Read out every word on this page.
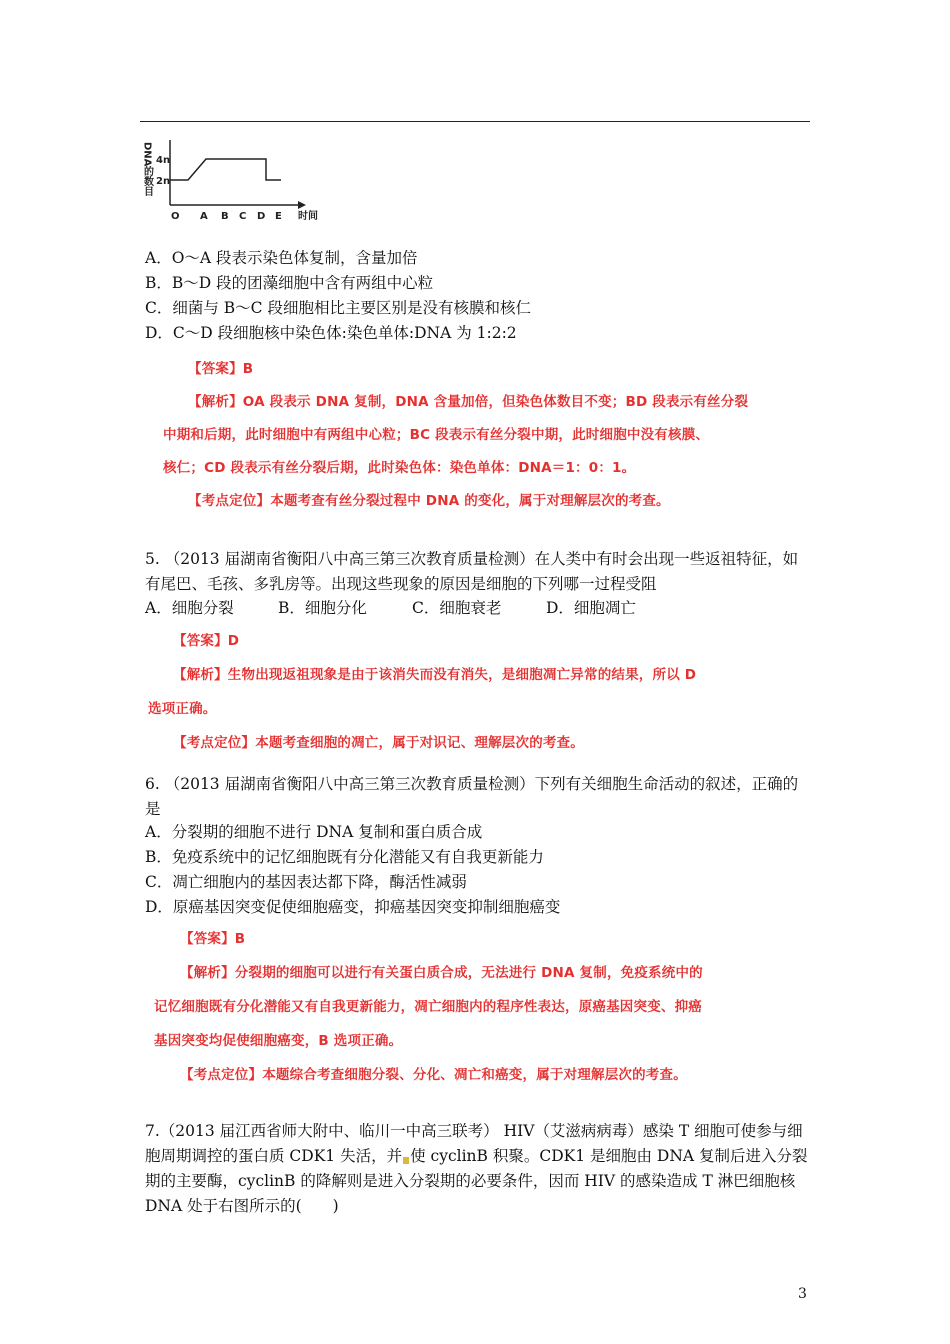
DNA的数目 4n
2n
O A B C D E 时间
A．O～A 段表示染色体复制，含量加倍
B．B～D 段的团藻细胞中含有两组中心粒
C．细菌与 B～C 段细胞相比主要区别是没有核膜和核仁
D．C～D 段细胞核中染色体:染色单体:DNA 为 1:2:2
【答案】B
【解析】OA 段表示 DNA 复制，DNA 含量加倍，但染色体数目不变；BD 段表示有丝分裂
中期和后期，此时细胞中有两组中心粒；BC 段表示有丝分裂中期，此时细胞中没有核膜、
核仁；CD 段表示有丝分裂后期，此时染色体：染色单体：DNA＝1：0：1。
【考点定位】本题考查有丝分裂过程中 DNA 的变化，属于对理解层次的考查。
5. （2013 届湖南省衡阳八中高三第三次教育质量检测）在人类中有时会出现一些返祖特征，如有尾巴、毛孩、多乳房等。出现这些现象的原因是细胞的下列哪一过程受阻
A．细胞分裂	B．细胞分化	C．细胞衰老	D．细胞凋亡
【答案】D
【解析】生物出现返祖现象是由于该消失而没有消失，是细胞凋亡异常的结果，所以 D
选项正确。
【考点定位】本题考查细胞的凋亡，属于对识记、理解层次的考查。
6. （2013 届湖南省衡阳八中高三第三次教育质量检测）下列有关细胞生命活动的叙述，正确的是
A．分裂期的细胞不进行 DNA 复制和蛋白质合成
B．免疫系统中的记忆细胞既有分化潜能又有自我更新能力
C．凋亡细胞内的基因表达都下降，酶活性减弱
D．原癌基因突变促使细胞癌变，抑癌基因突变抑制细胞癌变
【答案】B
【解析】分裂期的细胞可以进行有关蛋白质合成，无法进行 DNA 复制，免疫系统中的
记忆细胞既有分化潜能又有自我更新能力，凋亡细胞内的程序性表达，原癌基因突变、抑癌
基因突变均促使细胞癌变，B 选项正确。
【考点定位】本题综合考查细胞分裂、分化、凋亡和癌变，属于对理解层次的考查。
7.（2013 届江西省师大附中、临川一中高三联考） HIV（艾滋病病毒）感染 T 细胞可使参与细胞周期调控的蛋白质 CDK1 失活，并 使 cyclinB 积聚。CDK1 是细胞由 DNA 复制后进入分裂期的主要酶，cyclinB 的降解则是进入分裂期的必要条件，因而 HIV 的感染造成 T 淋巴细胞核 DNA 处于右图所示的(　　)
3
